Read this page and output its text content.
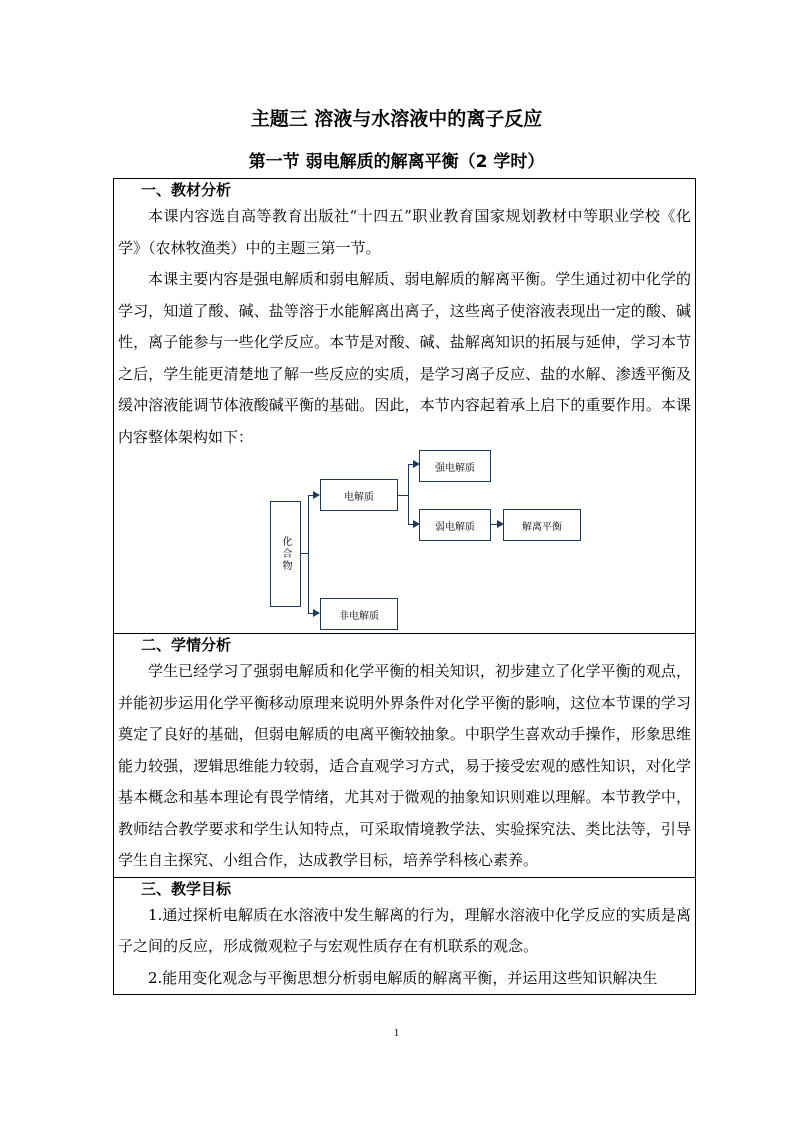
主题三 溶液与水溶液中的离子反应
第一节 弱电解质的解离平衡（2 学时）
一、教材分析

本课内容选自高等教育出版社“十四五”职业教育国家规划教材中等职业学校《化学》（农林牧渔类）中的主题三第一节。

本课主要内容是强电解质和弱电解质、弱电解质的解离平衡。学生通过初中化学的学习，知道了酸、碱、盐等溶于水能解离出离子，这些离子使溶液表现出一定的酸、碱性，离子能参与一些化学反应。本节是对酸、碱、盐解离知识的拓展与延伸，学习本节之后，学生能更清楚地了解一些反应的实质，是学习离子反应、盐的水解、渗透平衡及缓冲溶液能调节体液酸碱平衡的基础。因此，本节内容起着承上启下的重要作用。本课内容整体架构如下：

化合物
电解质
非电解质
强电解质
弱电解质	解离平衡

二、学情分析

学生已经学习了强弱电解质和化学平衡的相关知识，初步建立了化学平衡的观点，并能初步运用化学平衡移动原理来说明外界条件对化学平衡的影响，这位本节课的学习奠定了良好的基础，但弱电解质的电离平衡较抽象。中职学生喜欢动手操作，形象思维能力较强，逻辑思维能力较弱，适合直观学习方式，易于接受宏观的感性知识，对化学基本概念和基本理论有畏学情绪，尤其对于微观的抽象知识则难以理解。本节教学中，教师结合教学要求和学生认知特点，可采取情境教学法、实验探究法、类比法等，引导学生自主探究、小组合作，达成教学目标，培养学科核心素养。

三、教学目标

1.通过探析电解质在水溶液中发生解离的行为，理解水溶液中化学反应的实质是离子之间的反应，形成微观粒子与宏观性质存在有机联系的观念。

2.能用变化观念与平衡思想分析弱电解质的解离平衡，并运用这些知识解决生

1
